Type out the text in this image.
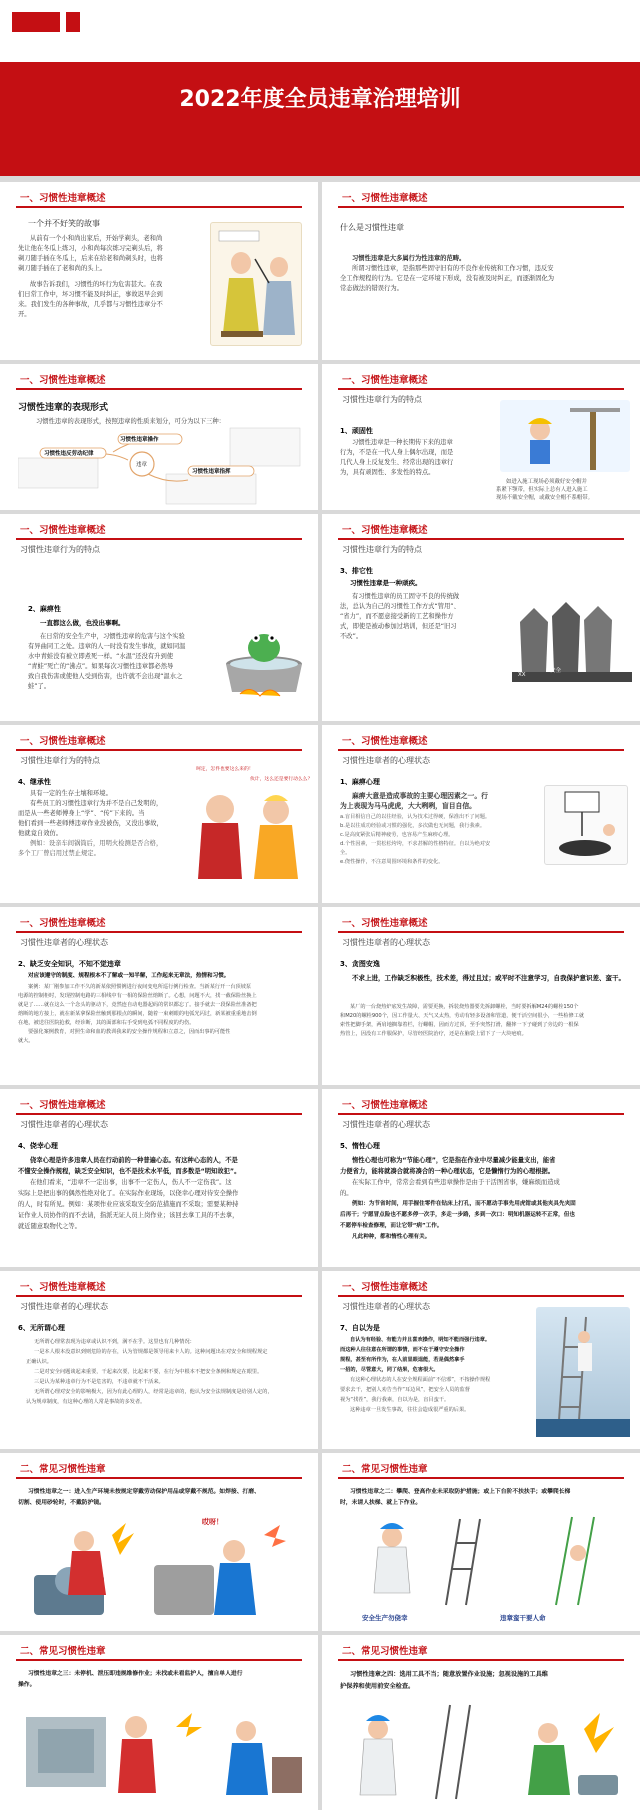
2022年度全员违章治理培训
一、习惯性违章概述
一个并不好笑的故事

从前有一个小和尚出家后，开始学剃头，老和尚

先让他在冬瓜上练习，小和尚每次练习完剃头后，将

剃刀随手插在冬瓜上，后来在给老和尚剃头时，也将

剃刀随手插在了老和尚的头上。

故事告诉我们，习惯性的坏行为危害甚大。在我

们日常工作中，坏习惯不能及时纠正，事故迟早会到

来。我们发生的各种事故，几乎都与习惯性违章分不

开。

一、习惯性违章概述
什么是习惯性违章

习惯性违章是大多属行为性违章的范畴。

所谓习惯性违章，是指那些固守旧有的不良作业传统和工作习惯，违反安

全工作规程的行为。它是在一定环境下形成，没有被及时纠正，而逐渐固化为

常态做法的错误行为。

一、习惯性违章概述
习惯性违章的表现形式
习惯性违章的表现形式，按照违章的性质来划分，可分为以下三种：
习惯性违章操作
习惯性违章指挥
违章
习惯性违反劳动纪律
一、习惯性违章概述
习惯性违章行为的特点
1、顽固性

习惯性违章是一种长期传下来的违章

行为，不是在一代人身上偶尔出现，而是

几代人身上反复发生、经常出现的违章行

为，具有顽固性、多发性的特点。

如进入施工现场必须戴好安全帽并
系紧下颚带，但实际上总有人进入施工
现场不戴安全帽，或戴安全帽不系帽带。
一、习惯性违章概述
习惯性违章行为的特点
2、麻痹性
一直都这么做，也没出事啊。

在日常的安全生产中，习惯性违章的危害与这个实验

有异曲同工之处。违章的人一时没有发生事故，就如同温

水中青蛙没有被立即煮死一样。“水温”还没有升到使

“青蛙”死亡的“沸点”。如果每次习惯性违章都必然导

致自我伤害或使他人受到伤害，也许就不会出现“温水之

蛙”了。

一、习惯性违章概述
习惯性违章行为的特点
3、排它性
习惯性违章是一种顽疾。

有习惯性违章的员工固守不良的传统做

法，总认为自己的习惯性工作方式“管用”、

“省力”，而不愿意接受新的工艺和操作方

式，即使是被动参加过培训，但还是“旧习

不改”。

XX
安全
检查	之后
一、习惯性违章概述
习惯性违章行为的特点
4、继承性

具有一定的生存土壤和环境。

有些员工的习惯性违章行为并不是自己发明的，

而是从一些老师傅身上“学”、“传”下来的。当

他们看到一些老师傅违章作业没被伤，又没出事故，

他就竟自效仿。

例如：设亲车间锅筒后，用明火检测是否合格，

多个工厂曾启用过禁止规定。

呵定，怎件也要这么来的！
伙计，这么还是要行动么么？
一、习惯性违章概述
习惯性违章者的心理状态
1、麻痹心理

麻痹大意是造成事故的主要心理因素之一。行

为上表现为马马虎虎，大大咧咧，盲目自信。

a.盲目相信自己的以往经验，认为技术过得硬，保准出不了问题。
b.是以往成功经验或习惯的强化，多次做也无问题，我行我素。
c.是高度紧张后精神疲劳，也容易产生麻痹心理。
d.个性因素，一贯松松垮垮，不求甚解的性格特征。自以为绝对安
全。
e.侥性操作，不注意周围环境和条件的变化。
一、习惯性违章概述
习惯性违章者的心理状态
2、缺乏安全知识，不知不觉违章
对应该遵守的制度、规程根本不了解或一知半解，工作起来无章法，热情和习惯。
案例：某厂刚参加工作不久的新某依照惯例进行夜间变电所巡行例行检查。当新某行开一台顶坡泵
电源的控制柜时，发现控制电路的三相线中有一相的保险丝熔断了。心想，问题不大，找一截保险丝换上
就是了……就在这么一个念头的驱动下，竟然连自动电器起码的常识都忘了。接手就去一段保险丝准备把
熔断的地方接上，就在新某拿保险丝触到那根点的瞬间，随着一束刺眼的电弧光闪过，新某被重重地击倒
在地，被送往医院抢救，经诊断，其的面部和右手受到电弧不同程度的灼伤。
要强化案例教育，对照生命和血的教训我来的安全操作规程和立意之，因而出事的可能性
就大。
一、习惯性违章概述
习惯性违章者的心理状态
3、贪图安逸
不求上进，工作缺乏积极性，技术差，得过且过；或平时不注意学习，自我保护意识差、蛮干。
某厂的一台烧热炉底发生故障，需要更换，拆装烧热器要先拆卸螺栓，当时要拆解M24的螺栓150个
和M20的螺栓900个，因工作量大、天气又太热，劳动有轻多设备和管道，便干活空间很小，一些检修工就
索性把脚手架，两肩地搁靠着栏，行螺帽，因而方过顶，至手突然打滑，翻摔一下子碰到了旁边的一根保
热管上，因没有工作服保护，尽管经医院治疗，还是在脑袋上留下了一大块疤痕。
一、习惯性违章概述
习惯性违章者的心理状态
4、侥幸心理
侥幸心理是许多违章人员在行动前的一种普遍心态。有这种心态的人，不是
不懂安全操作规程，缺乏安全知识，也不是技术水平低，而多数是“明知故犯”。
在他们看来，“违章不一定出事，出事不一定伤人，伤人不一定伤我”。这
实际上是把出事的偶然性绝对化了。在实际作业现场，以侥幸心理对待安全操作
的人，时有所见。例如：某项作业应该采取安全防范措施而不采取；需要某种持
证作业人员协作的而不去请，指派无证人员上岗作业；该回去拿工具的不去拿，
就近随意取物代之等。
一、习惯性违章概述
习惯性违章者的心理状态
5、惰性心理
惰性心理也可称为“节能心理”，它是指在作业中尽量减少能量支出，能省
力便省力，能将就凑合就将凑合的一种心理状态，它是懒惰行为的心理根据。
在实际工作中，常常会看到有些违章操作是由于干活图省事，嫌麻烦而造成
的。
例如：为节省时间，用手握住零件在钻床上打孔，而不愿动手事先用虎钳或其他夹具先夹固
后再干；宁愿冒点险也不愿多停一次手，多走一步路，多到一次口：明知机器运转不正常，但也
不愿停车检查修理，而让它带“病”工作。
凡此种种，都和惰性心理有关。
一、习惯性违章概述
习惯性违章者的心理状态
6、无所谓心理
无所谓心理常表现为违章或认识不到，满不在乎。这里也有几种情况：
一是本人根本没意识到则危险的存在，认为管规都是领导用来卡人的。这种问题出在对安全和规程规定
正确认识。
二是对安全问题谈起来重要，干起来次要，比起来不要，在行为中根本不把安全条例和规定在眼里。
三是认为某种违章行为不是危害的，不违章就不干活来。
无所谓心理对安全的影响极大，因为有此心理的人，经常是违章的，他认为安全法规制度是给别人定的，
认为规章制度，有这种心理的人常是事故的多发者。
一、习惯性违章概述
习惯性违章者的心理状态
7、自以为是
自认为有经验、有能力并且喜欢操作，明知不能而强行违章。
而这种人往往意在所谓的事情，而不在于遵守安全操作
规程，甚至有所作为，在人前显眼逞能，若是偶然拿手
一招的，尽管意大，同了结果，危害很大。
有这种心理状态的人在安全规程面前“不信邪”，不按操作规程
要求去干，把别人劝告当作“耳边风”，把安全人员的监督
视为“找茬”，我行我素，自以为是，盲目蛮干。
这种违章一旦发生事故，往往会造成很严重的后果。
二、常见习惯性违章
习惯性违章之一：进入生产环境未按规定穿戴劳动保护用品或穿戴不规范。如焊接、打磨、
切割、使用砂轮时，不戴防护镜。
哎呀！
二、常见习惯性违章
习惯性违章之二：攀爬、登高作业未采取防护措施；或上下台阶不扶扶手；或攀爬长梯
时，未请人扶梯、就上下作业。
安全生产勿侥幸	违章蛮干要人命
二、常见习惯性违章
习惯性违章之三：未停机、泄压即违规维修作业；未找或未看监护人，擅自单人进行
操作。
二、常见习惯性违章
习惯性违章之四：选用工具不当；随意放置作业设施；忽视设施的工具维
护保养和使用前安全检查。
